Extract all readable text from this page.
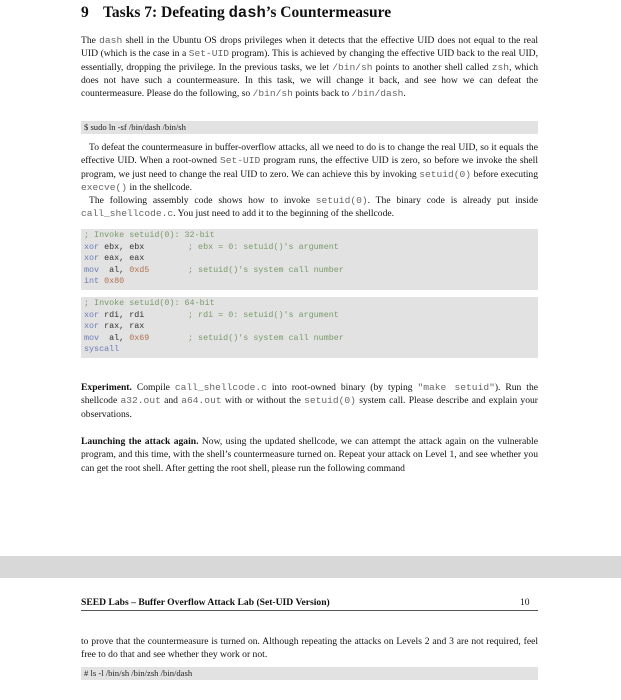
9 Tasks 7: Defeating dash’s Countermeasure
The dash shell in the Ubuntu OS drops privileges when it detects that the effective UID does not equal to the real UID (which is the case in a Set-UID program). This is achieved by changing the effective UID back to the real UID, essentially, dropping the privilege. In the previous tasks, we let /bin/sh points to another shell called zsh, which does not have such a countermeasure. In this task, we will change it back, and see how we can defeat the countermeasure. Please do the following, so /bin/sh points back to /bin/dash.
$ sudo ln -sf /bin/dash /bin/sh
To defeat the countermeasure in buffer-overflow attacks, all we need to do is to change the real UID, so it equals the effective UID. When a root-owned Set-UID program runs, the effective UID is zero, so before we invoke the shell program, we just need to change the real UID to zero. We can achieve this by invoking setuid(0) before executing execve() in the shellcode.
The following assembly code shows how to invoke setuid(0). The binary code is already put inside call_shellcode.c. You just need to add it to the beginning of the shellcode.
; Invoke setuid(0): 32-bit
xor ebx, ebx	; ebx = 0: setuid()'s argument
xor eax, eax
mov  al, 0xd5	; setuid()'s system call number
int 0x80
; Invoke setuid(0): 64-bit
xor rdi, rdi	; rdi = 0: setuid()'s argument
xor rax, rax
mov  al, 0x69	; setuid()'s system call number
syscall
Experiment. Compile call_shellcode.c into root-owned binary (by typing "make setuid"). Run the shellcode a32.out and a64.out with or without the setuid(0) system call. Please describe and explain your observations.
Launching the attack again. Now, using the updated shellcode, we can attempt the attack again on the vulnerable program, and this time, with the shell’s countermeasure turned on. Repeat your attack on Level 1, and see whether you can get the root shell. After getting the root shell, please run the following command
SEED Labs – Buffer Overflow Attack Lab (Set-UID Version)	10
to prove that the countermeasure is turned on. Although repeating the attacks on Levels 2 and 3 are not required, feel free to do that and see whether they work or not.
# ls -l /bin/sh /bin/zsh /bin/dash
